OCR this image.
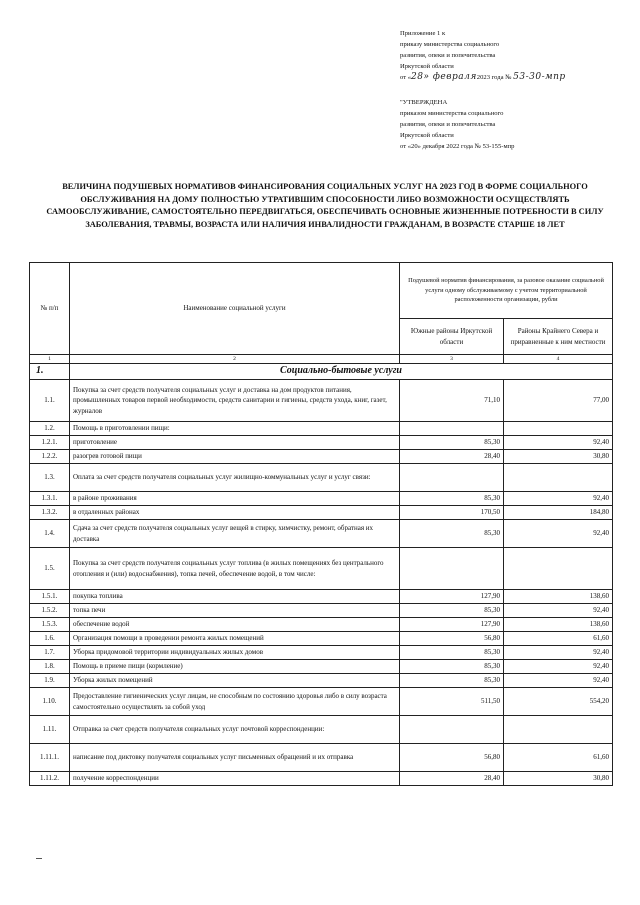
Приложение 1 к
приказу министерства социального
развития, опеки и попечительства
Иркутской области
от «28» февраля2023 года № 53-30-мпр
"УТВЕРЖДЕНА
приказом министерства социального
развития, опеки и попечительства
Иркутской области
от «20» декабря 2022 года № 53-155-мпр
ВЕЛИЧИНА ПОДУШЕВЫХ НОРМАТИВОВ ФИНАНСИРОВАНИЯ СОЦИАЛЬНЫХ УСЛУГ НА 2023 ГОД В ФОРМЕ СОЦИАЛЬНОГО ОБСЛУЖИВАНИЯ НА ДОМУ ПОЛНОСТЬЮ УТРАТИВШИМ СПОСОБНОСТИ ЛИБО ВОЗМОЖНОСТИ ОСУЩЕСТВЛЯТЬ САМООБСЛУЖИВАНИЕ, САМОСТОЯТЕЛЬНО ПЕРЕДВИГАТЬСЯ, ОБЕСПЕЧИВАТЬ ОСНОВНЫЕ ЖИЗНЕННЫЕ ПОТРЕБНОСТИ В СИЛУ ЗАБОЛЕВАНИЯ, ТРАВМЫ, ВОЗРАСТА ИЛИ НАЛИЧИЯ ИНВАЛИДНОСТИ ГРАЖДАНАМ, В ВОЗРАСТЕ СТАРШЕ 18 ЛЕТ
№ п/п	Наименование социальной услуги	Подушевой норматив финансирования, за разовое оказание социальной услуги одному обслуживаемому с учетом территориальной расположенности организации, рубли	
		Южные районы Иркутской области	Районы Крайнего Севера и приравненные к ним местности
1	2	3	4
1.	Социально-бытовые услуги		
1.1.	Покупка за счет средств получателя социальных услуг и доставка на дом продуктов питания, промышленных товаров первой необходимости, средств санитарии и гигиены, средств ухода, книг, газет, журналов	71,10	77,00
1.2.	Помощь в приготовлении пищи:		
1.2.1.	приготовление	85,30	92,40
1.2.2.	разогрев готовой пищи	28,40	30,80
1.3.	Оплата за счет средств получателя социальных услуг жилищно-коммунальных услуг и услуг связи:		
1.3.1.	в районе проживания	85,30	92,40
1.3.2.	в отдаленных районах	170,50	184,80
1.4.	Сдача за счет средств получателя социальных услуг вещей в стирку, химчистку, ремонт, обратная их доставка	85,30	92,40
1.5.	Покупка за счет средств получателя социальных услуг топлива (в жилых помещениях без центрального отопления и (или) водоснабжения), топка печей, обеспечение водой, в том числе:		
1.5.1.	покупка топлива	127,90	138,60
1.5.2.	топка печи	85,30	92,40
1.5.3.	обеспечение водой	127,90	138,60
1.6.	Организация помощи в проведении ремонта жилых помещений	56,80	61,60
1.7.	Уборка придомовой территории индивидуальных жилых домов	85,30	92,40
1.8.	Помощь в приеме пищи (кормление)	85,30	92,40
1.9.	Уборка жилых помещений	85,30	92,40
1.10.	Предоставление гигиенических услуг лицам, не способным по состоянию здоровья либо в силу возраста самостоятельно осуществлять за собой уход	511,50	554,20
1.11.	Отправка за счет средств получателя социальных услуг почтовой корреспонденции:		
1.11.1.	написание под диктовку получателя социальных услуг письменных обращений и их отправка	56,80	61,60
1.11.2.	получение корреспонденции	28,40	30,80
